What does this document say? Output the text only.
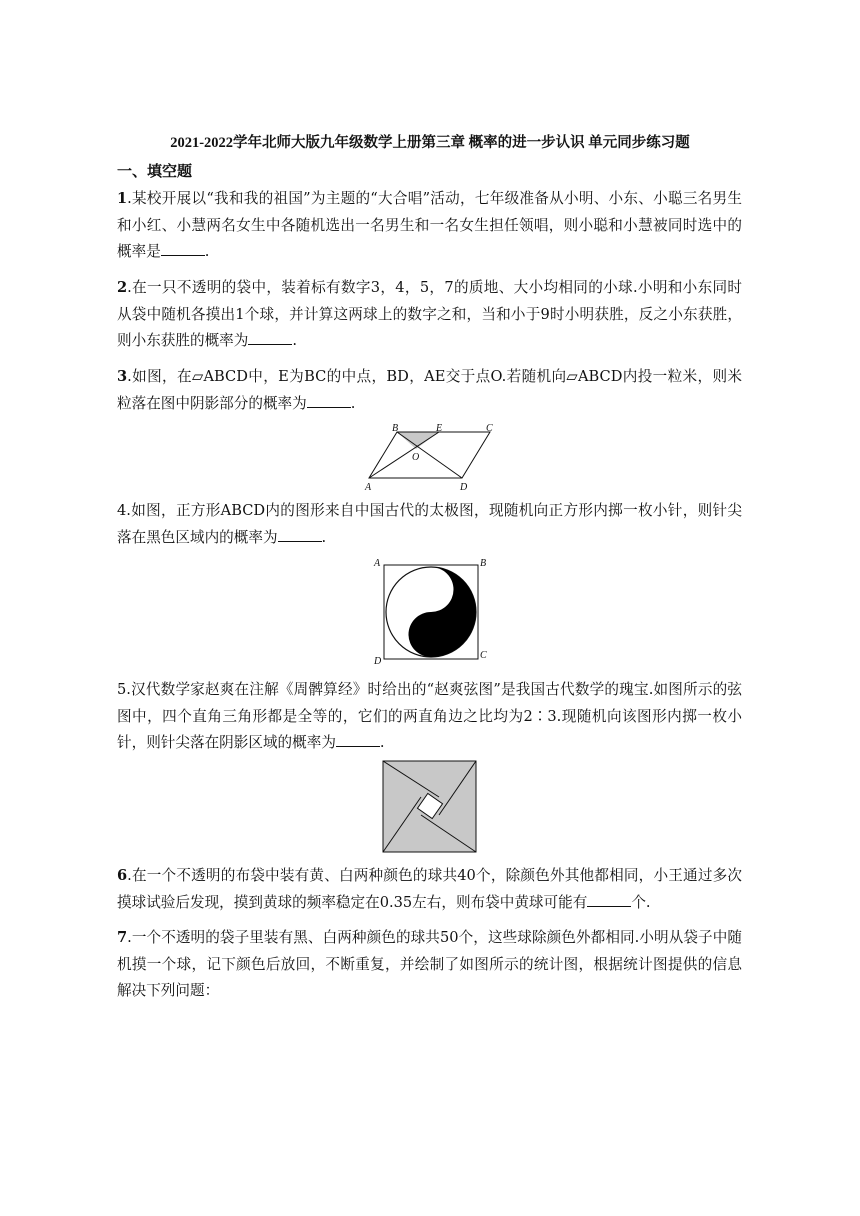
2021-2022学年北师大版九年级数学上册第三章 概率的进一步认识 单元同步练习题
一、填空题
1.某校开展以“我和我的祖国”为主题的“大合唱”活动，七年级准备从小明、小东、小聪三名男生和小红、小慧两名女生中各随机选出一名男生和一名女生担任领唱，则小聪和小慧被同时选中的概率是	.
2.在一只不透明的袋中，装着标有数字3，4，5，7的质地、大小均相同的小球.小明和小东同时从袋中随机各摸出1个球，并计算这两球上的数字之和，当和小于9时小明获胜，反之小东获胜，则小东获胜的概率为	.
3.如图，在▱ABCD中，E为BC的中点，BD，AE交于点O.若随机向▱ABCD内投一粒米，则米粒落在图中阴影部分的概率为	.
B	E	C
O
A	D
4.如图，正方形ABCD内的图形来自中国古代的太极图，现随机向正方形内掷一枚小针，则针尖落在黑色区域内的概率为	.
A	B
D
C
5.汉代数学家赵爽在注解《周髀算经》时给出的“赵爽弦图”是我国古代数学的瑰宝.如图所示的弦图中，四个直角三角形都是全等的，它们的两直角边之比均为2∶3.现随机向该图形内掷一枚小针，则针尖落在阴影区域的概率为	.
6.在一个不透明的布袋中装有黄、白两种颜色的球共40个，除颜色外其他都相同，小王通过多次摸球试验后发现，摸到黄球的频率稳定在0.35左右，则布袋中黄球可能有	个.
7.一个不透明的袋子里装有黑、白两种颜色的球共50个，这些球除颜色外都相同.小明从袋子中随机摸一个球，记下颜色后放回，不断重复，并绘制了如图所示的统计图，根据统计图提供的信息解决下列问题：
